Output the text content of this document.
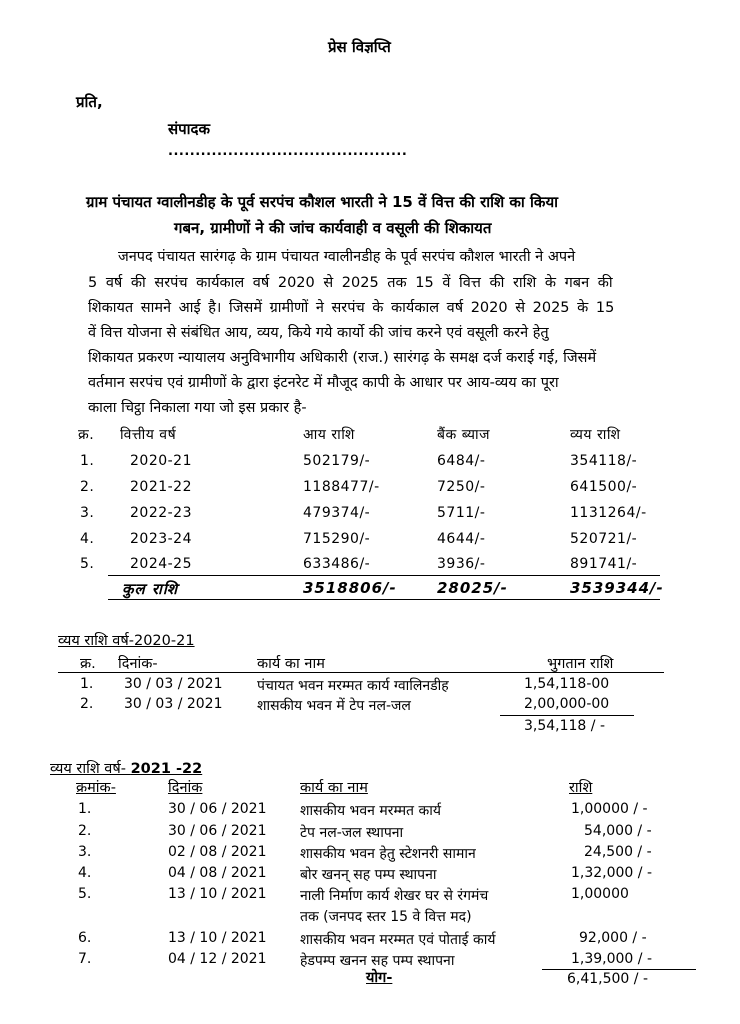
प्रेस विज्ञप्ति
प्रति,
संपादक
............................................
ग्राम पंचायत ग्वालीनडीह के पूर्व सरपंच कौशल भारती ने 15 वें वित्त की राशि का किया
गबन, ग्रामीणों ने की जांच कार्यवाही व वसूली की शिकायत
जनपद पंचायत सारंगढ़ के ग्राम पंचायत ग्वालीनडीह के पूर्व सरपंच कौशल भारती ने अपने
5 वर्ष की सरपंच कार्यकाल वर्ष 2020 से 2025 तक 15 वें वित्त की राशि के गबन की
शिकायत सामने आई है। जिसमें ग्रामीणों ने सरपंच के कार्यकाल वर्ष 2020 से 2025 के 15
वें वित्त योजना से संबंधित आय, व्यय, किये गये कार्यो की जांच करने एवं वसूली करने हेतु
शिकायत प्रकरण न्यायालय अनुविभागीय अधिकारी (राज.) सारंगढ़ के समक्ष दर्ज कराई गई, जिसमें
वर्तमान सरपंच एवं ग्रामीणों के द्वारा इंटनरेट में मौजूद कापी के आधार पर आय-व्यय का पूरा
काला चिट्ठा निकाला गया जो इस प्रकार है-
क्र. वित्तीय वर्ष	आय राशि	बैंक ब्याज	व्यय राशि
1.	2020-21	502179/-	6484/-	354118/-
2.	2021-22	1188477/-	7250/-	641500/-
3.	2022-23	479374/-	5711/-	1131264/-
4.	2023-24	715290/-	4644/-	520721/-
5.	2024-25	633486/-	3936/-	891741/-
कुल राशि	3518806/-	28025/-	3539344/-
व्यय राशि वर्ष-2020-21
क्र. दिनांक-	कार्य का नाम	भुगतान राशि
1. 30 / 03 / 2021 पंचायत भवन मरम्मत कार्य ग्वालिनडीह	1,54,118-00
2. 30 / 03 / 2021 शासकीय भवन में टेप नल-जल	2,00,000-00
3,54,118 / -
व्यय राशि वर्ष- 2021 -22
क्रमांक-	दिनांक	कार्य का नाम	राशि
1.	30 / 06 / 2021 शासकीय भवन मरम्मत कार्य	1,00000 / -
2.	30 / 06 / 2021 टेप नल-जल स्थापना	54,000 / -
3.	02 / 08 / 2021 शासकीय भवन हेतु स्टेशनरी सामान	24,500 / -
4.	04 / 08 / 2021 बोर खनन् सह पम्प स्थापना	1,32,000 / -
5.	13 / 10 / 2021 नाली निर्माण कार्य शेखर घर से रंगमंच	1,00000
तक (जनपद स्तर 15 वे वित्त मद)
6.	13 / 10 / 2021 शासकीय भवन मरम्मत एवं पोताई कार्य	92,000 / -
7.	04 / 12 / 2021 हेडपम्प खनन सह पम्प स्थापना	1,39,000 / -
योग-	6,41,500 / -
